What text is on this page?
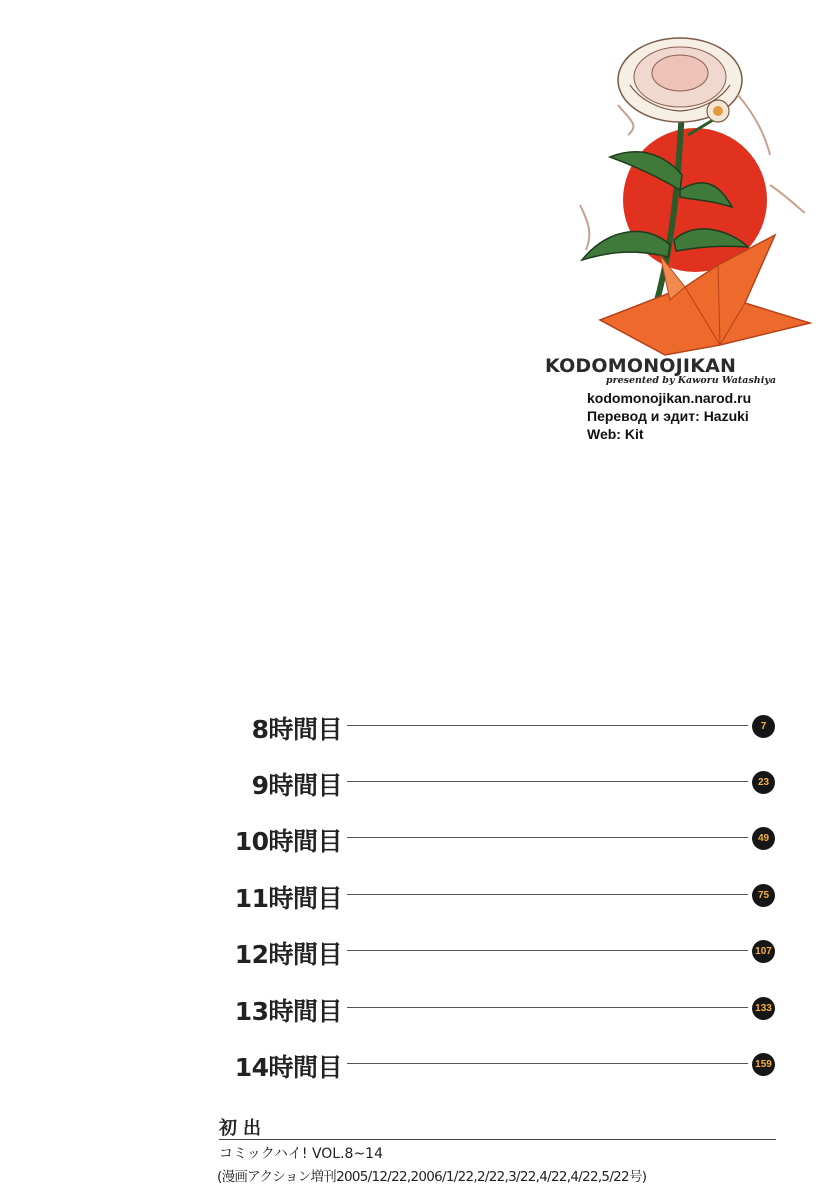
KODOMONOJIKAN
presented by Kaworu Watashiya
kodomonojikan.narod.ru
Перевод и эдит: Hazuki
Web: Kit
8時間目	7
9時間目	23
10時間目	49
11時間目	75
12時間目	107
13時間目	133
14時間目	159
初出
コミックハイ! VOL.8~14
(漫画アクション増刊2005/12/22,2006/1/22,2/22,3/22,4/22,4/22,5/22号)
